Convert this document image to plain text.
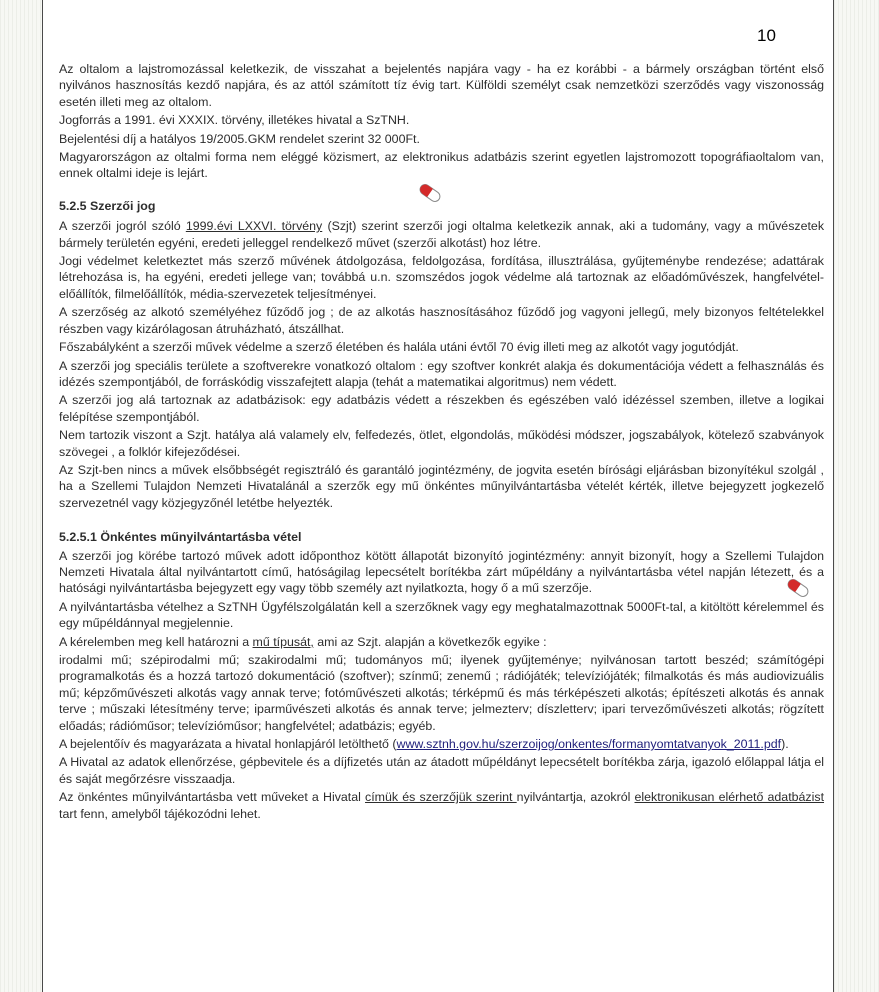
10

Az oltalom a lajstromozással keletkezik, de visszahat a bejelentés napjára vagy - ha ez korábbi - a bármely országban történt első nyilvános hasznosítás kezdő napjára, és az attól számított tíz évig tart. Külföldi személyt csak nemzetközi szerződés vagy viszonosság esetén illeti meg az oltalom.

Jogforrás a 1991. évi XXXIX. törvény, illetékes hivatal a SzTNH.

Bejelentési díj a hatályos 19/2005.GKM rendelet szerint 32 000Ft.

Magyarországon az oltalmi forma nem eléggé közismert, az elektronikus adatbázis szerint egyetlen lajstromozott topográfiaoltalom van, ennek oltalmi ideje is lejárt.

5.2.5 Szerzői jog

A szerzői jogról szóló 1999.évi LXXVI. törvény (Szjt) szerint szerzői jogi oltalma keletkezik annak, aki a tudomány, vagy a művészetek bármely területén egyéni, eredeti jelleggel rendelkező művet (szerzői alkotást) hoz létre.

Jogi védelmet keletkeztet más szerző művének átdolgozása, feldolgozása, fordítása, illusztrálása, gyűjteménybe rendezése; adattárak létrehozása is, ha egyéni, eredeti jellege van; továbbá u.n. szomszédos jogok védelme alá tartoznak az előadóművészek, hangfelvétel-előállítók, filmelőállítók, média-szervezetek teljesítményei.

A szerzőség az alkotó személyéhez fűződő jog ; de az alkotás hasznosításához fűződő jog vagyoni jellegű, mely bizonyos feltételekkel részben vagy kizárólagosan átruházható, átszállhat.

Főszabályként a szerzői művek védelme a szerző életében és halála utáni évtől 70 évig illeti meg az alkotót vagy jogutódját.

A szerzői jog speciális területe a szoftverekre vonatkozó oltalom : egy szoftver konkrét alakja és dokumentációja védett a felhasználás és idézés szempontjából, de forráskódig visszafejtett alapja (tehát a matematikai algoritmus) nem védett.

A szerzői jog alá tartoznak az adatbázisok: egy adatbázis védett a részekben és egészében való idézéssel szemben, illetve a logikai felépítése szempontjából.

Nem tartozik viszont a Szjt. hatálya alá valamely elv, felfedezés, ötlet, elgondolás, működési módszer, jogszabályok, kötelező szabványok szövegei , a folklór kifejeződései.

Az Szjt-ben nincs a művek elsőbbségét regisztráló és garantáló jogintézmény, de jogvita esetén bírósági eljárásban bizonyítékul szolgál , ha a Szellemi Tulajdon Nemzeti Hivatalánál a szerzők egy mű önkéntes műnyilvántartásba vételét kérték, illetve bejegyzett jogkezelő szervezetnél vagy közjegyzőnél letétbe helyezték.

5.2.5.1 Önkéntes műnyilvántartásba vétel

A szerzői jog körébe tartozó művek adott időponthoz kötött állapotát bizonyító jogintézmény: annyit bizonyít, hogy a Szellemi Tulajdon Nemzeti Hivatala által nyilvántartott című, hatóságilag lepecsételt borítékba zárt műpéldány a nyilvántartásba vétel napján létezett, és a hatósági nyilvántartásba bejegyzett egy vagy több személy azt nyilatkozta, hogy ő a mű szerzője.

A nyilvántartásba vételhez a SzTNH Ügyfélszolgálatán kell a szerzőknek vagy egy meghatalmazottnak 5000Ft-tal, a kitöltött kérelemmel és egy műpéldánnyal megjelennie.

A kérelemben meg kell határozni a mű típusát, ami az Szjt. alapján a következők egyike :

irodalmi mű; szépirodalmi mű; szakirodalmi mű; tudományos mű; ilyenek gyűjteménye; nyilvánosan tartott beszéd; számítógépi programalkotás és a hozzá tartozó dokumentáció (szoftver); színmű; zenemű ; rádiójáték; televíziójáték; filmalkotás és más audiovizuális mű; képzőművészeti alkotás vagy annak terve; fotóművészeti alkotás; térképmű és más térképészeti alkotás; építészeti alkotás és annak terve ; műszaki létesítmény terve; iparművészeti alkotás és annak terve; jelmezterv; díszletterv; ipari tervezőművészeti alkotás; rögzített előadás; rádióműsor; televízióműsor; hangfelvétel; adatbázis; egyéb.

A bejelentőív és magyarázata a hivatal honlapjáról letölthető (www.sztnh.gov.hu/szerzoijog/onkentes/formanyomtatvanyok_2011.pdf).

A Hivatal az adatok ellenőrzése, gépbevitele és a díjfizetés után az átadott műpéldányt lepecsételt borítékba zárja, igazoló előlappal látja el és saját megőrzésre visszaadja.

Az önkéntes műnyilvántartásba vett műveket a Hivatal címük és szerzőjük szerint nyilvántartja, azokról elektronikusan elérhető adatbázist tart fenn, amelyből tájékozódni lehet.
